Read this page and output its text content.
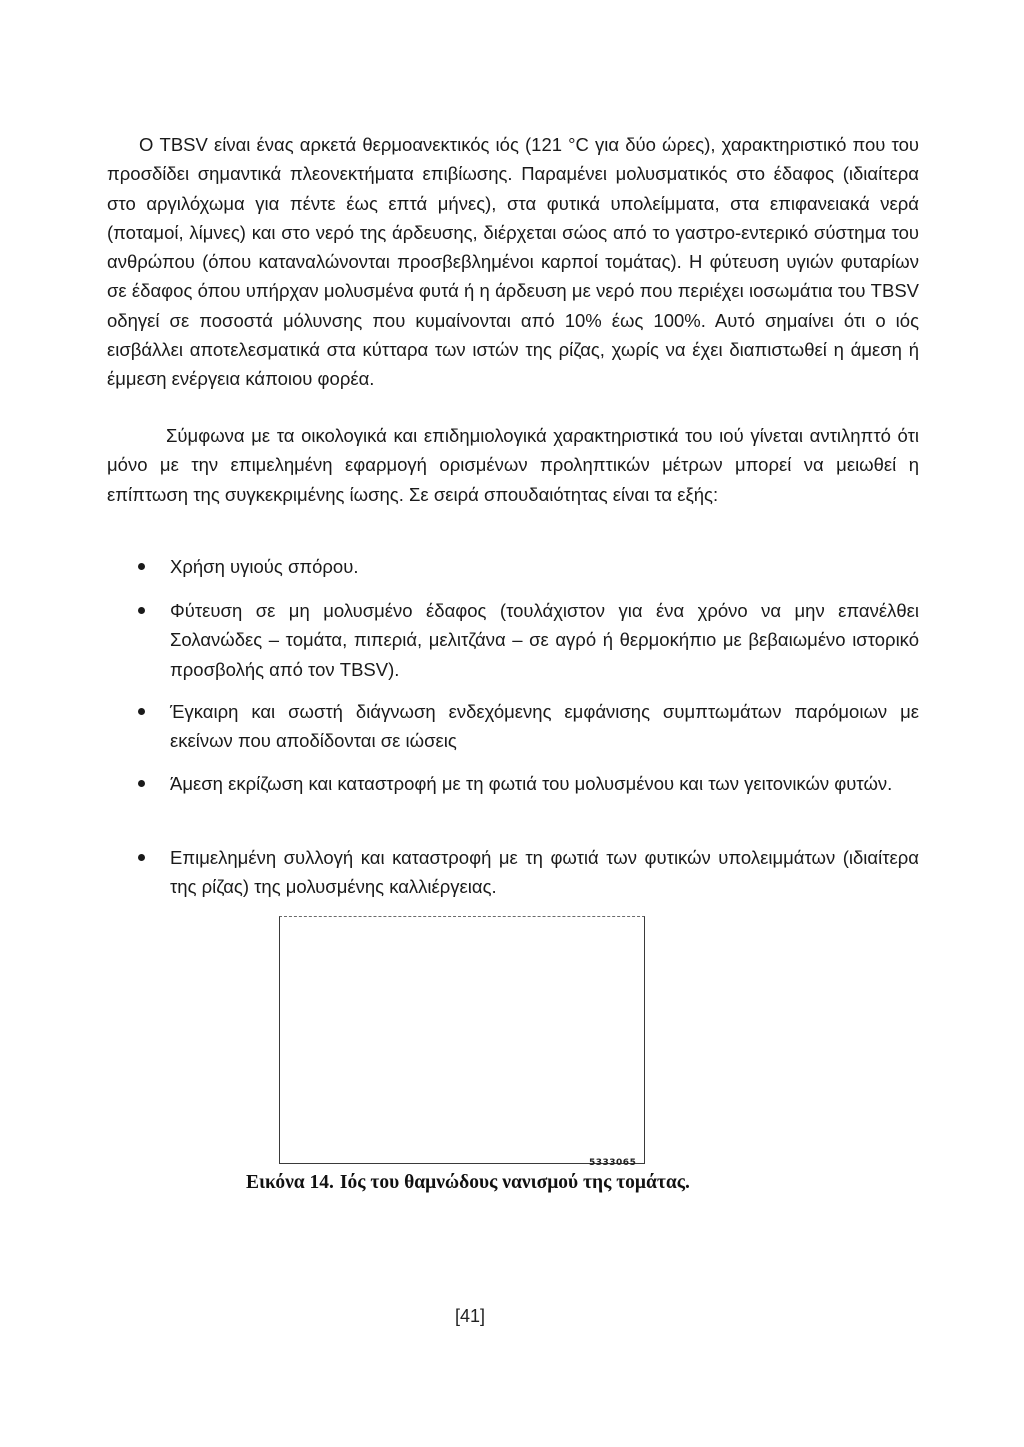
Ο TBSV είναι ένας αρκετά θερμοανεκτικός ιός (121 °C για δύο ώρες), χαρακτηριστικό που του προσδίδει σημαντικά πλεονεκτήματα επιβίωσης. Παραμένει μολυσματικός στο έδαφος (ιδιαίτερα στο αργιλόχωμα για πέντε έως επτά μήνες), στα φυτικά υπολείμματα, στα επιφανειακά νερά (ποταμοί, λίμνες) και στο νερό της άρδευσης, διέρχεται σώος από το γαστρο-εντερικό σύστημα του ανθρώπου (όπου καταναλώνονται προσβεβλημένοι καρποί τομάτας). Η φύτευση υγιών φυταρίων σε έδαφος όπου υπήρχαν μολυσμένα φυτά ή η άρδευση με νερό που περιέχει ιοσωμάτια του TBSV οδηγεί σε ποσοστά μόλυνσης που κυμαίνονται από 10% έως 100%. Αυτό σημαίνει ότι ο ιός εισβάλλει αποτελεσματικά στα κύτταρα των ιστών της ρίζας, χωρίς να έχει διαπιστωθεί η άμεση ή έμμεση ενέργεια κάποιου φορέα.

Σύμφωνα με τα οικολογικά και επιδημιολογικά χαρακτηριστικά του ιού γίνεται αντιληπτό ότι μόνο με την επιμελημένη εφαρμογή ορισμένων προληπτικών μέτρων μπορεί να μειωθεί η επίπτωση της συγκεκριμένης ίωσης. Σε σειρά σπουδαιότητας είναι τα εξής:

Χρήση υγιούς σπόρου.
Φύτευση σε μη μολυσμένο έδαφος (τουλάχιστον για ένα χρόνο να μην επανέλθει Σολανώδες – τομάτα, πιπεριά, μελιτζάνα – σε αγρό ή θερμοκήπιο με βεβαιωμένο ιστορικό προσβολής από τον TBSV).
Έγκαιρη και σωστή διάγνωση ενδεχόμενης εμφάνισης συμπτωμάτων παρόμοιων με εκείνων που αποδίδονται σε ιώσεις
Άμεση εκρίζωση και καταστροφή με τη φωτιά του μολυσμένου και των γειτονικών φυτών.
Επιμελημένη συλλογή και καταστροφή με τη φωτιά των φυτικών υπολειμμάτων (ιδιαίτερα της ρίζας) της μολυσμένης καλλιέργειας.
5333065
Εικόνα 14. Ιός του θαμνώδους νανισμού της τομάτας.
[41]
